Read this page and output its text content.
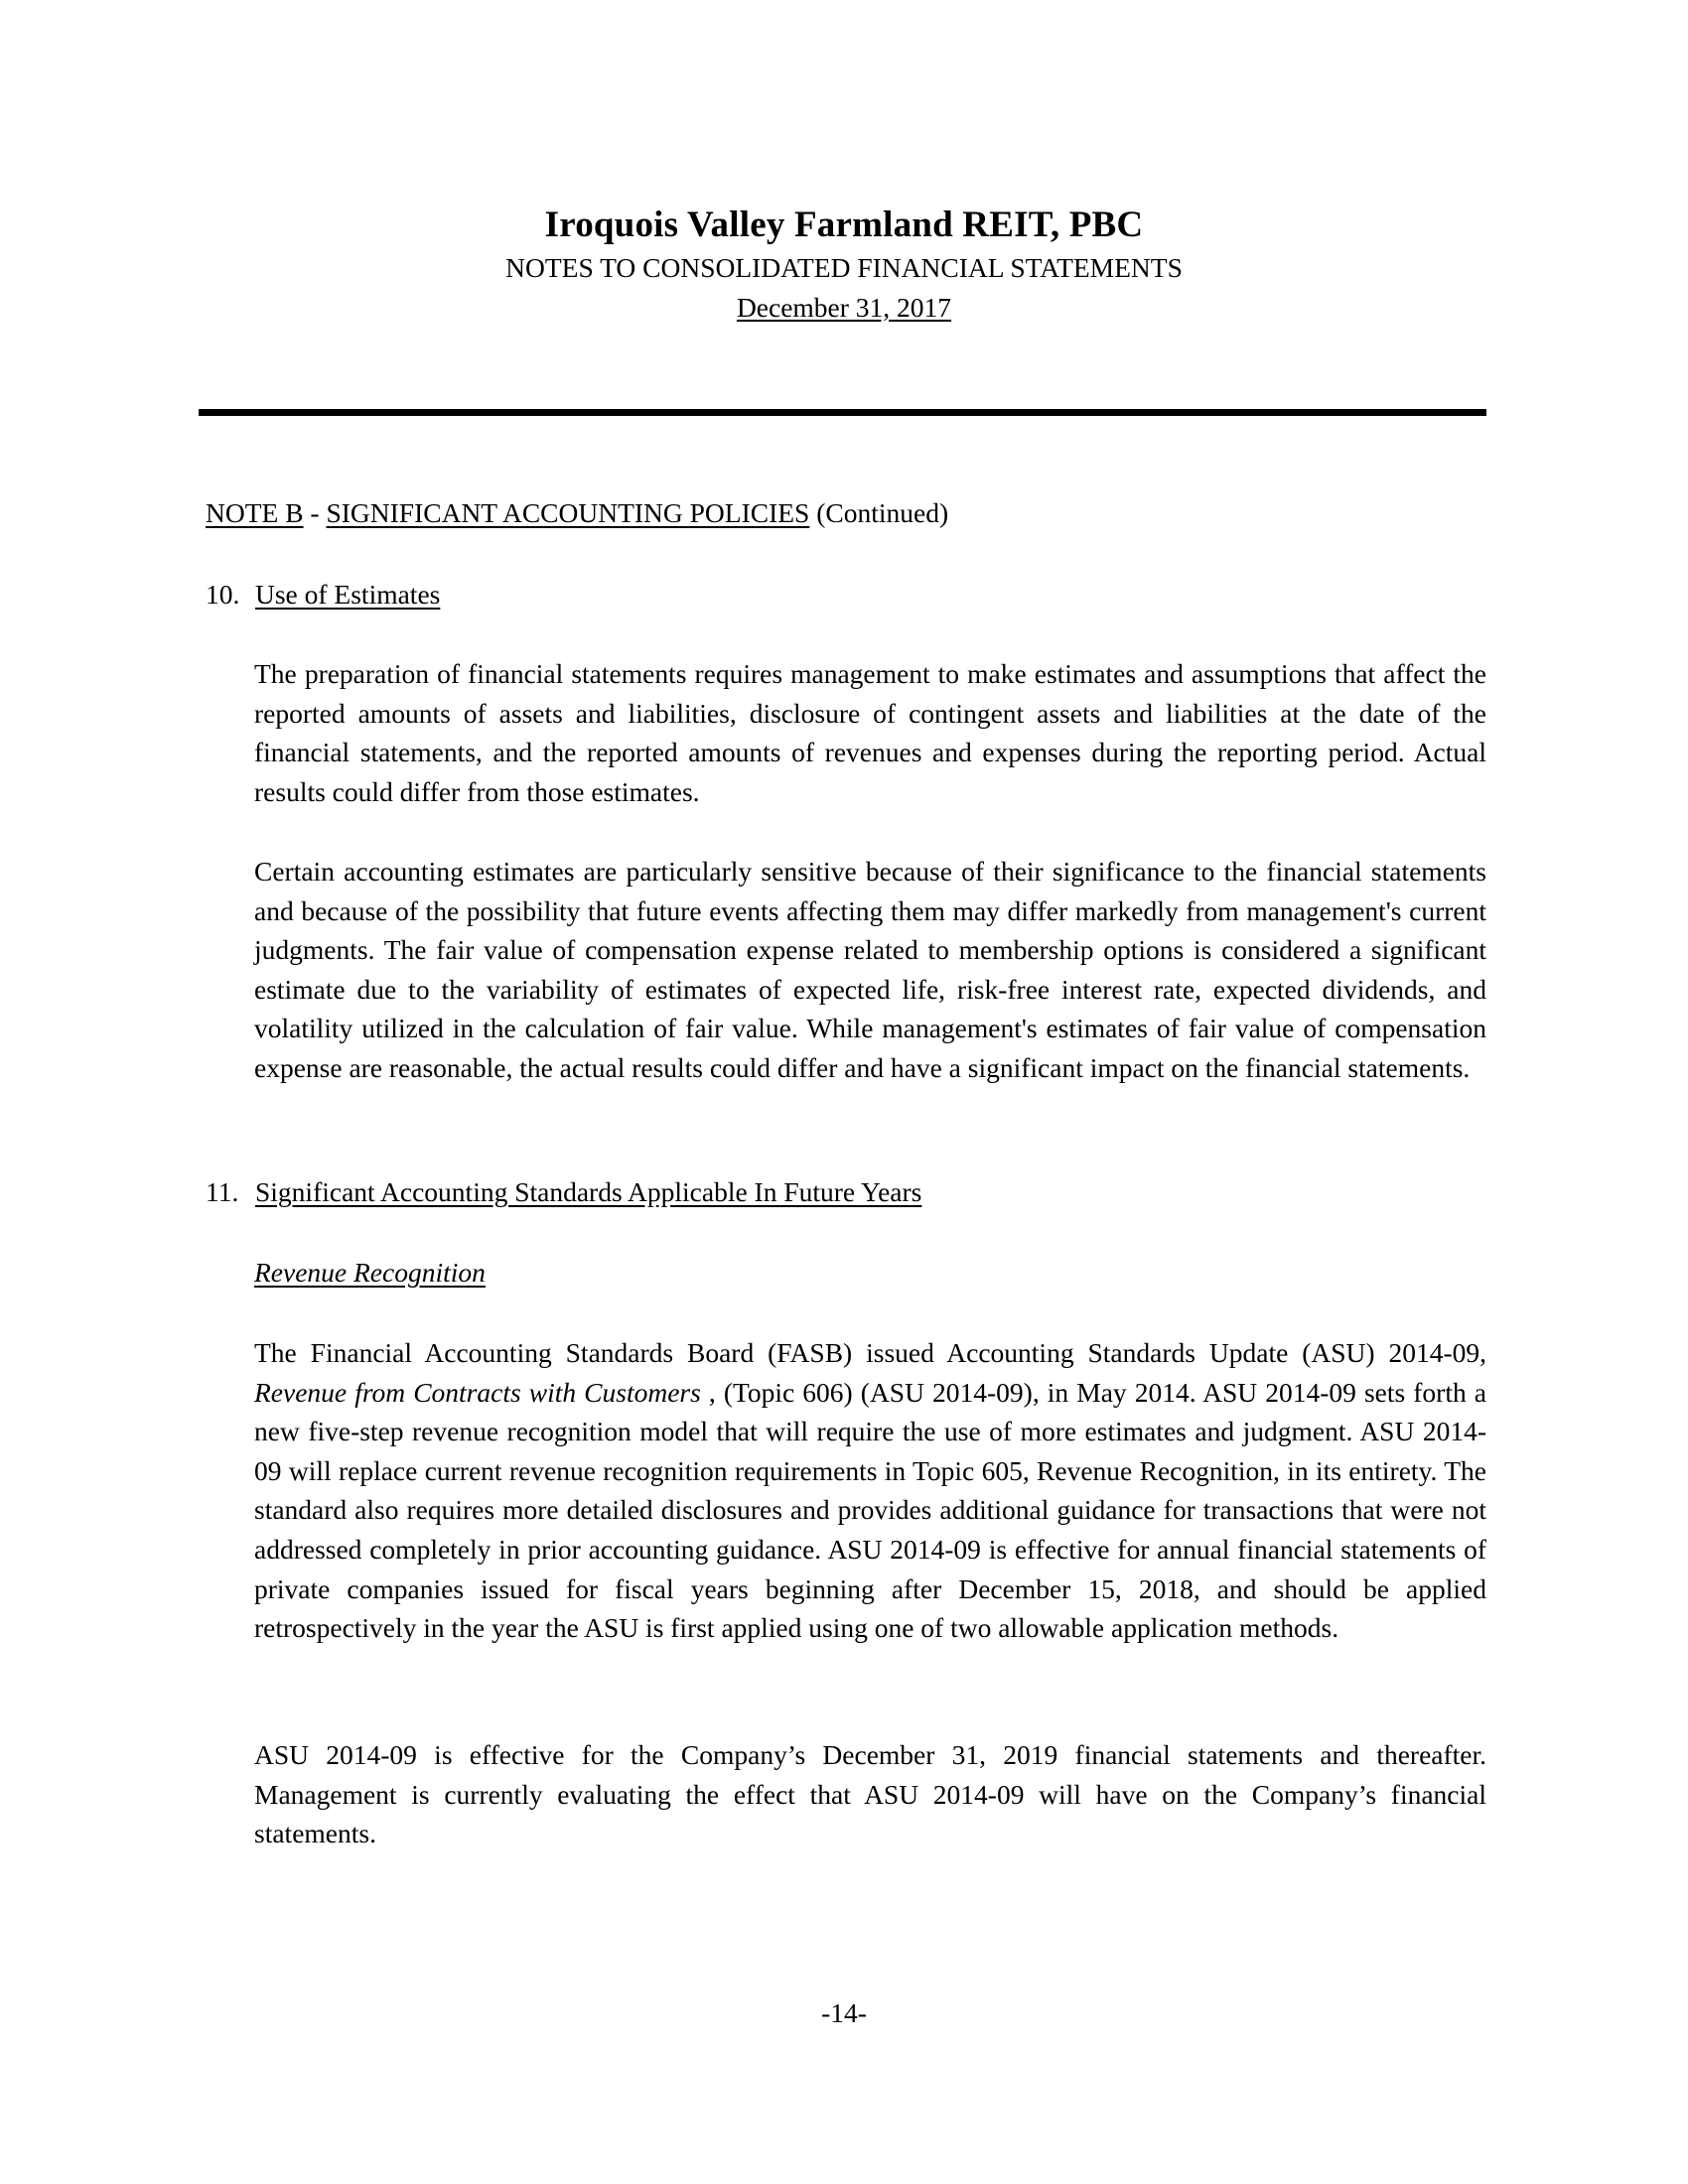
Iroquois Valley Farmland REIT, PBC
NOTES TO CONSOLIDATED FINANCIAL STATEMENTS
December 31, 2017
NOTE B - SIGNIFICANT ACCOUNTING POLICIES (Continued)
10. Use of Estimates

The preparation of financial statements requires management to make estimates and assumptions that affect the reported amounts of assets and liabilities, disclosure of contingent assets and liabilities at the date of the financial statements, and the reported amounts of revenues and expenses during the reporting period. Actual results could differ from those estimates.

Certain accounting estimates are particularly sensitive because of their significance to the financial statements and because of the possibility that future events affecting them may differ markedly from management's current judgments. The fair value of compensation expense related to membership options is considered a significant estimate due to the variability of estimates of expected life, risk-free interest rate, expected dividends, and volatility utilized in the calculation of fair value. While management's estimates of fair value of compensation expense are reasonable, the actual results could differ and have a significant impact on the financial statements.

11. Significant Accounting Standards Applicable In Future Years
Revenue Recognition

The Financial Accounting Standards Board (FASB) issued Accounting Standards Update (ASU) 2014-09, Revenue from Contracts with Customers , (Topic 606) (ASU 2014-09), in May 2014. ASU 2014-09 sets forth a new five-step revenue recognition model that will require the use of more estimates and judgment. ASU 2014-09 will replace current revenue recognition requirements in Topic 605, Revenue Recognition, in its entirety. The standard also requires more detailed disclosures and provides additional guidance for transactions that were not addressed completely in prior accounting guidance. ASU 2014-09 is effective for annual financial statements of private companies issued for fiscal years beginning after December 15, 2018, and should be applied retrospectively in the year the ASU is first applied using one of two allowable application methods.

ASU 2014-09 is effective for the Company’s December 31, 2019 financial statements and thereafter. Management is currently evaluating the effect that ASU 2014-09 will have on the Company’s financial statements.

-14-
